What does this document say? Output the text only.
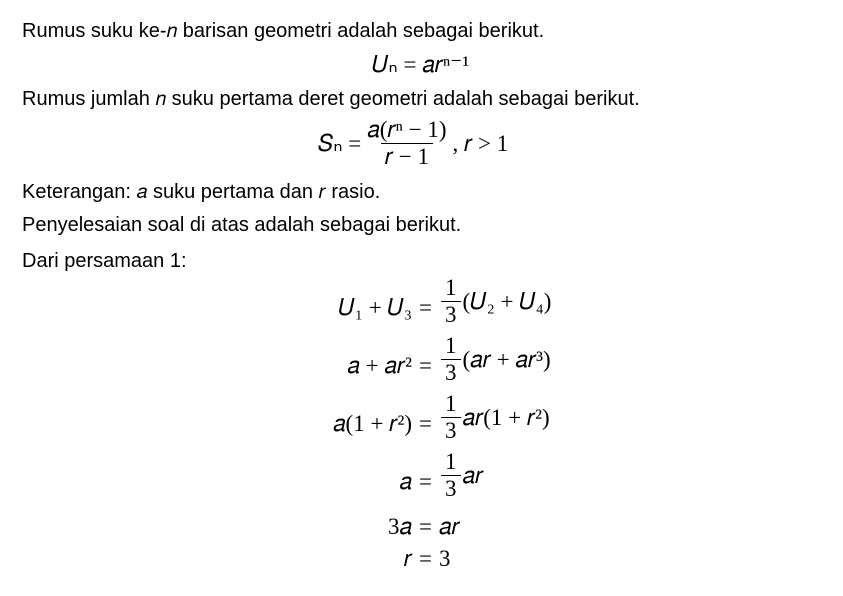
Rumus suku ke-𝑛 barisan geometri adalah sebagai berikut.
𝑈ₙ = 𝑎𝑟ⁿ⁻¹
Rumus jumlah 𝑛 suku pertama deret geometri adalah sebagai berikut.
𝑆ₙ = $\frac{\text{𝑎(𝑟ⁿ − 1)}}{\text{𝑟 − 1}}$ , 𝑟 > 1
Keterangan: 𝑎 suku pertama dan 𝑟 rasio.
Penyelesaian soal di atas adalah sebagai berikut.
Dari persamaan 1:
𝑈₁ + 𝑈₃ = $\frac{1}{3}$ (𝑈₂ + 𝑈₄)
𝑎 + 𝑎𝑟² = $\frac{1}{3}$ (𝑎𝑟 + 𝑎𝑟³)
𝑎(1 + 𝑟²) = $\frac{1}{3}$ 𝑎𝑟(1 + 𝑟²)
𝑎 = $\frac{1}{3}$ 𝑎𝑟
3𝑎 = 𝑎𝑟
𝑟 = 3
